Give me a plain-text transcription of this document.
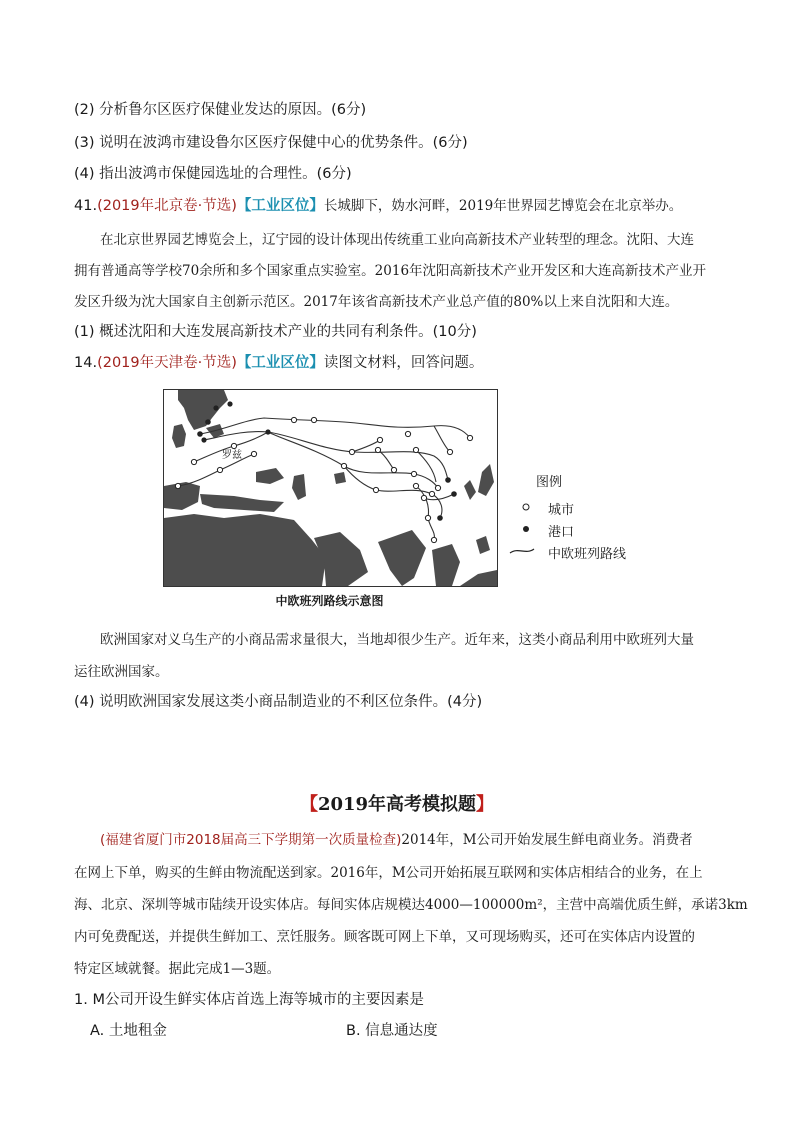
(2) 分析鲁尔区医疗保健业发达的原因。(6分)
(3) 说明在波鸿市建设鲁尔区医疗保健中心的优势条件。(6分)
(4) 指出波鸿市保健园选址的合理性。(6分)
41.(2019年北京卷·节选)【工业区位】长城脚下，妫水河畔，2019年世界园艺博览会在北京举办。
在北京世界园艺博览会上，辽宁园的设计体现出传统重工业向高新技术产业转型的理念。沈阳、大连
拥有普通高等学校70余所和多个国家重点实验室。2016年沈阳高新技术产业开发区和大连高新技术产业开
发区升级为沈大国家自主创新示范区。2017年该省高新技术产业总产值的80%以上来自沈阳和大连。
(1) 概述沈阳和大连发展高新技术产业的共同有利条件。(10分)
14.(2019年天津卷·节选)【工业区位】读图文材料，回答问题。
罗兹
图例
城市
港口
中欧班列路线
中欧班列路线示意图
欧洲国家对义乌生产的小商品需求量很大，当地却很少生产。近年来，这类小商品利用中欧班列大量
运往欧洲国家。
(4) 说明欧洲国家发展这类小商品制造业的不利区位条件。(4分)
【2019年高考模拟题】
(福建省厦门市2018届高三下学期第一次质量检查)2014年，M公司开始发展生鲜电商业务。消费者
在网上下单，购买的生鲜由物流配送到家。2016年，M公司开始拓展互联网和实体店相结合的业务，在上
海、北京、深圳等城市陆续开设实体店。每间实体店规模达4000—100000m²，主营中高端优质生鲜，承诺3km
内可免费配送，并提供生鲜加工、烹饪服务。顾客既可网上下单，又可现场购买，还可在实体店内设置的
特定区域就餐。据此完成1—3题。
1. M公司开设生鲜实体店首选上海等城市的主要因素是
A. 土地租金	B. 信息通达度
